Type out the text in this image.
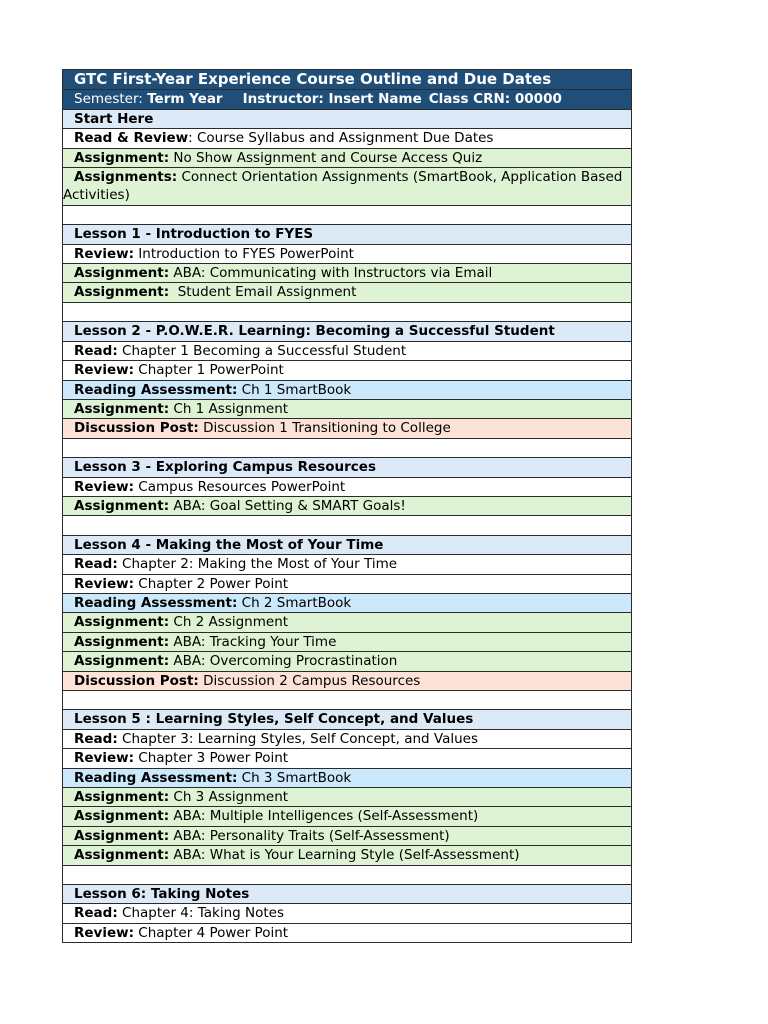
GTC First-Year Experience Course Outline and Due Dates
Semester: Term Year Instructor: Insert Name Class CRN: 00000
Start Here
Read & Review: Course Syllabus and Assignment Due Dates
Assignment: No Show Assignment and Course Access Quiz
Assignments: Connect Orientation Assignments (SmartBook, Application Based Activities)

Lesson 1 - Introduction to FYES
Review: Introduction to FYES PowerPoint
Assignment: ABA: Communicating with Instructors via Email
Assignment:  Student Email Assignment

Lesson 2 - P.O.W.E.R. Learning: Becoming a Successful Student
Read: Chapter 1 Becoming a Successful Student
Review: Chapter 1 PowerPoint
Reading Assessment: Ch 1 SmartBook
Assignment: Ch 1 Assignment
Discussion Post: Discussion 1 Transitioning to College

Lesson 3 - Exploring Campus Resources
Review: Campus Resources PowerPoint
Assignment: ABA: Goal Setting & SMART Goals!

Lesson 4 - Making the Most of Your Time
Read: Chapter 2: Making the Most of Your Time
Review: Chapter 2 Power Point
Reading Assessment: Ch 2 SmartBook
Assignment: Ch 2 Assignment
Assignment: ABA: Tracking Your Time
Assignment: ABA: Overcoming Procrastination
Discussion Post: Discussion 2 Campus Resources

Lesson 5 : Learning Styles, Self Concept, and Values
Read: Chapter 3: Learning Styles, Self Concept, and Values
Review: Chapter 3 Power Point
Reading Assessment: Ch 3 SmartBook
Assignment: Ch 3 Assignment
Assignment: ABA: Multiple Intelligences (Self-Assessment)
Assignment: ABA: Personality Traits (Self-Assessment)
Assignment: ABA: What is Your Learning Style (Self-Assessment)

Lesson 6: Taking Notes
Read: Chapter 4: Taking Notes
Review: Chapter 4 Power Point
